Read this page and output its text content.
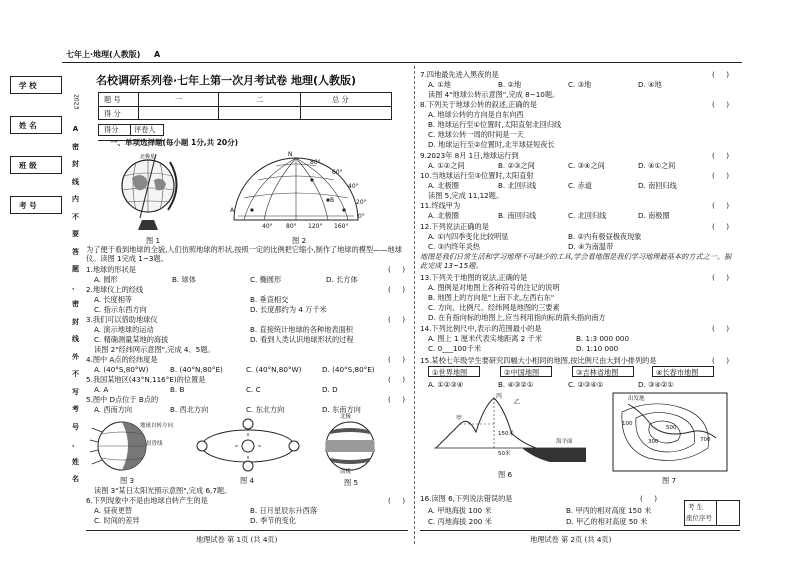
七年上·地理(人教版) A
学 校
姓 名
班 级
考 号
2023
A
密
封
线
内
不
要
答
题
、
密
封
线
外
不
写
考
号
、
姓
名
名校调研系列卷·七年上第一次月考试卷 地理(人教版)
题 号	一	二	总 分
得 分
得分 评卷人
一、单项选择题(每小题 1分,共 20分)
北极星
图 1
N
80°
60°
40°
20°
0°
A
B
40° 80° 120° 160°
图 2
为了便于看到地球的全貌,人们仿照地球的形状,按照一定的比例把它缩小,制作了地球的模型——地球仪。读图 1完成 1~3题。
1.地球的形状是	(     )
A. 圆形	B. 球体	C. 椭圆形	D. 长方体
2.地球仪上的经线	(     )
A. 长度相等	B. 垂直相交
C. 指示东西方向	D. 长度都约为 4 万千米
3.我们可以借助地球仪	(     )
A. 演示地球的运动	B. 直接统计地球的各种地表面积
C. 精确测量某地的海拔	D. 看到人类认识地球形状的过程
读图 2"经纬网示意图",完成 4、5题。
4.图中 A点的经纬度是	(     )
A. (40°S,80°W)	B. (40°N,80°E)	C. (40°N,80°W)	D. (40°S,80°E)
5.我国某地区(43°N,116°E)的位置是	(     )
A. A	B. B	C. C	D. D
5.图中 D点位于 B点的	(     )
A. 西南方向	B. 西北方向	C. 东北方向	D. 东南方向
地球自转方向
晨昏线
图 3	图 4
北极
南极
图 5
读图 3"某日太阳光照示意图",完成 6,7题。
6.下列现象中不是由地球自转产生的是	(     )
A. 昼夜更替	B. 日月星辰东升西落
C. 时间的差异	D. 季节的变化
地理试卷 第 1页 (共 4页)
7.四地最先进入黑夜的是	(     )
A. ①地	B. ②地	C. ③地	D. ④地
读图 4"地球公转示意图",完成 8~10题。
8.下列关于地球公转的叙述,正确的是	(     )
A. 地球公转的方向是自东向西
B. 地球运行至①位置时,太阳直射北回归线
C. 地球公转一周的时间是一天
D. 地球运行至②位置时,北半球昼短夜长
9.2023年 8月 1日,地球运行到	(     )
A. ①②之间	B. ②③之间	C. ③④之间	D. ④①之间
10.当地球运行至③位置时,太阳直射	(     )
A. 北极圈	B. 北回归线	C. 赤道	D. 南回归线
读图 5,完成 11,12题。
11.终线甲为	(     )
A. 北极圈	B. 南回归线	C. 北回归线	D. 南极圈
12.下列说法正确的是	(     )
A. ①内四季变化比较明显	B. ②内有极昼极夜现象
C. ③内终年炎热	D. ④为南温带
地图是我们日常生活和学习地理不可缺少的工具,学会看地图是我们学习地理最基本的方式之一。据此完成 13~15题。
13.下列关于地图的说法,正确的是	(     )
A. 图例是对地图上各种符号的注记的说明
B. 地图上的方向是"上南下北,左西右东"
C. 方向、比例尺、经纬网是地图的三要素
D. 在有指向标的地图上,应当利用指向标的箭头指向南方
14.下列比例尺中,表示的范围最小的是	(     )
A. 图上 1 厘米代表实地距离 2 千米	B. 1:3 000 000
C. 0___100千米	D. 1:10 000
15.某校七年级学生要研究四幅大小相同的地图,按比例尺由大到小排列的是	(     )
①世界地图	②中国地图	③吉林省地图	④长春市地图
A. ①②③④	B. ④③②①	C. ②③④①	D. ③④②①
甲
丙
乙
150米
50米
海平面
图 6
出发地
100
300
500
700
图 7
16.读图 6,下列说法错误的是	(     )
A. 甲地海拔 100 米	B. 甲丙的相对高度 150 米
C. 丙地海拔 200 米	D. 甲乙的相对高度 50 米
考 生
座位序号
地理试卷 第 2页 (共 4页)
